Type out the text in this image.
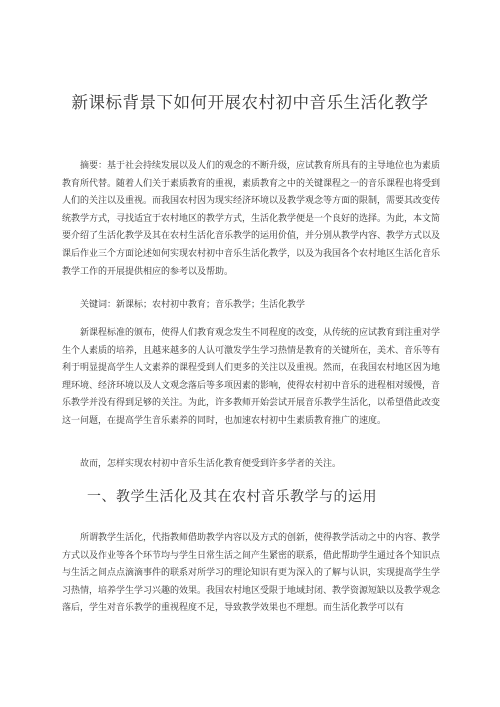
新课标背景下如何开展农村初中音乐生活化教学

摘要：基于社会持续发展以及人们的观念的不断升级，应试教育所具有的主导地位也为素质教育所代替。随着人们关于素质教育的重视，素质教育之中的关键课程之一的音乐课程也将受到人们的关注以及重视。而我国农村因为现实经济环境以及教学观念等方面的限制，需要其改变传统教学方式，寻找适宜于农村地区的教学方式，生活化教学便是一个良好的选择。为此，本文简要介绍了生活化教学及其在农村生活化音乐教学的运用价值，并分别从教学内容、教学方式以及课后作业三个方面论述如何实现农村初中音乐生活化教学，以及为我国各个农村地区生活化音乐教学工作的开展提供相应的参考以及帮助。

关键词：新课标；农村初中教育；音乐教学；生活化教学

新课程标准的颁布，使得人们教育观念发生不同程度的改变，从传统的应试教育到注重对学生个人素质的培养，且越来越多的人认可激发学生学习热情是教育的关键所在，美术、音乐等有利于明显提高学生人文素养的课程受到人们更多的关注以及重视。然而，在我国农村地区因为地理环境、经济环境以及人文观念落后等多项因素的影响，使得农村初中音乐的进程相对缓慢，音乐教学并没有得到足够的关注。为此，许多教师开始尝试开展音乐教学生活化，以希望借此改变这一问题，在提高学生音乐素养的同时，也加速农村初中生素质教育推广的速度。

故而，怎样实现农村初中音乐生活化教育便受到许多学者的关注。

一、教学生活化及其在农村音乐教学与的运用

所谓教学生活化，代指教师借助教学内容以及方式的创新，使得教学活动之中的内容、教学方式以及作业等各个环节均与学生日常生活之间产生紧密的联系，借此帮助学生通过各个知识点与生活之间点点滴滴事件的联系对所学习的理论知识有更为深入的了解与认识，实现提高学生学习热情，培养学生学习兴趣的效果。我国农村地区受限于地域封闭、教学资源短缺以及教学观念落后，学生对音乐教学的重视程度不足，导致教学效果也不理想。而生活化教学可以有
